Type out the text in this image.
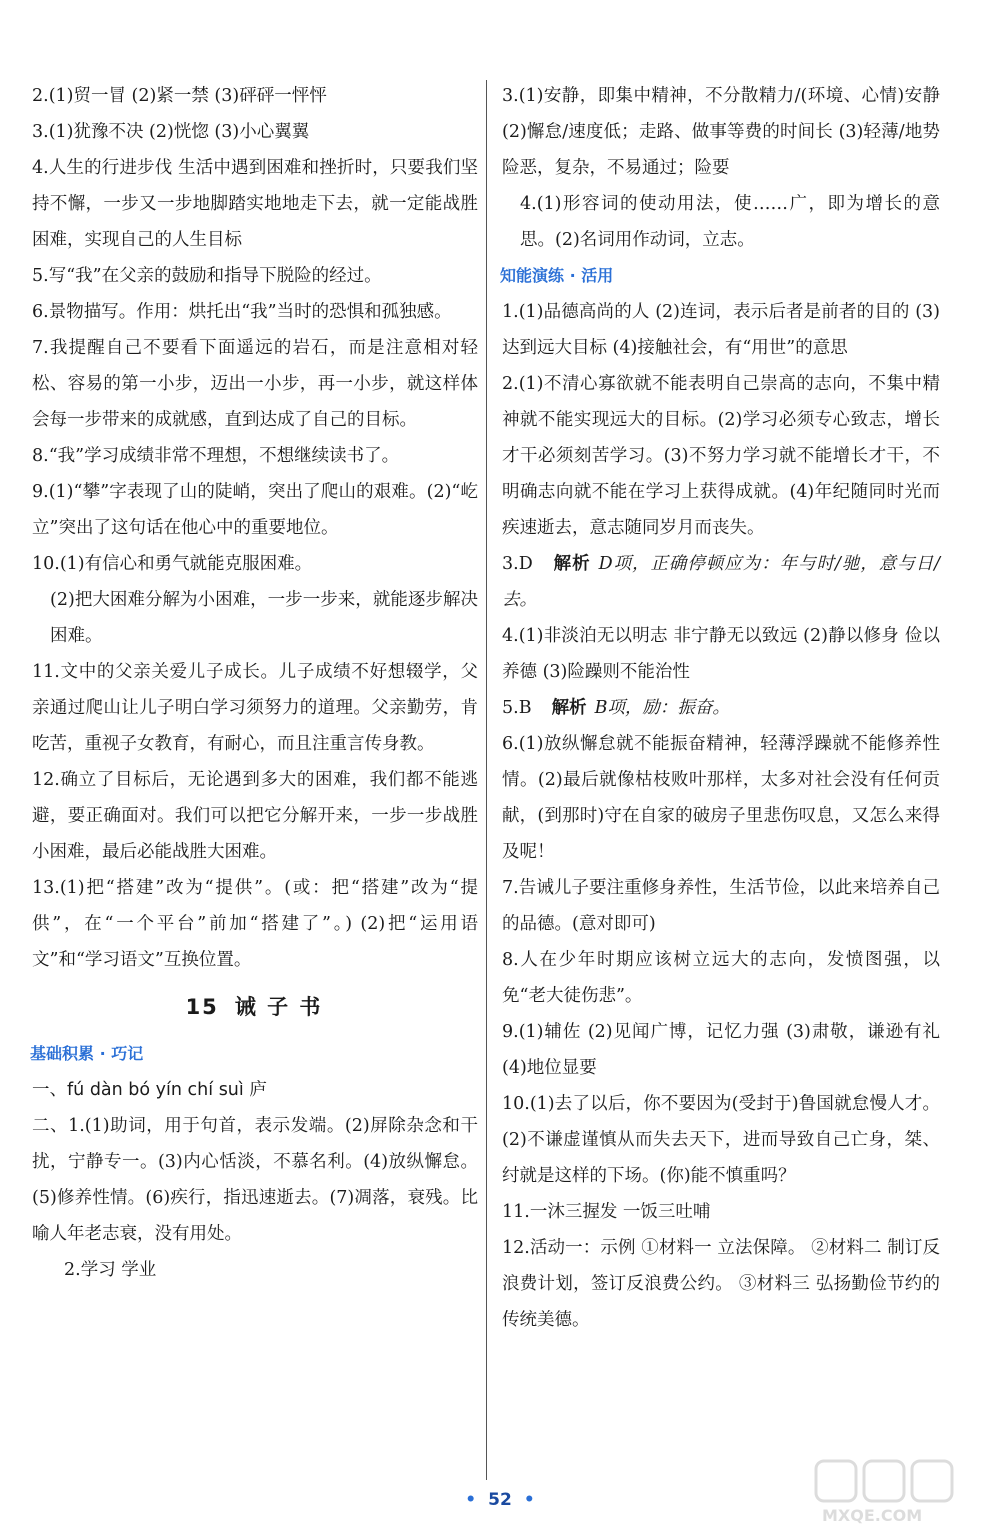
2.(1)贸一冒 (2)紧一禁 (3)砰砰一怦怦

3.(1)犹豫不决 (2)恍惚 (3)小心翼翼

4.人生的行进步伐 生活中遇到困难和挫折时，只要我们坚持不懈，一步又一步地脚踏实地地走下去，就一定能战胜困难，实现自己的人生目标

5.写“我”在父亲的鼓励和指导下脱险的经过。

6.景物描写。作用：烘托出“我”当时的恐惧和孤独感。

7.我提醒自己不要看下面遥远的岩石，而是注意相对轻松、容易的第一小步，迈出一小步，再一小步，就这样体会每一步带来的成就感，直到达成了自己的目标。

8.“我”学习成绩非常不理想，不想继续读书了。

9.(1)“攀”字表现了山的陡峭，突出了爬山的艰难。(2)“屹立”突出了这句话在他心中的重要地位。

10.(1)有信心和勇气就能克服困难。

(2)把大困难分解为小困难，一步一步来，就能逐步解决困难。

11.文中的父亲关爱儿子成长。儿子成绩不好想辍学，父亲通过爬山让儿子明白学习须努力的道理。父亲勤劳，肯吃苦，重视子女教育，有耐心，而且注重言传身教。

12.确立了目标后，无论遇到多大的困难，我们都不能逃避，要正确面对。我们可以把它分解开来，一步一步战胜小困难，最后必能战胜大困难。

13.(1)把“搭建”改为“提供”。(或：把“搭建”改为“提供”，在“一个平台”前加“搭建了”。) (2)把“运用语文”和“学习语文”互换位置。

15 诫 子 书

基础积累 · 巧记

一、fú dàn bó yín chí suì 庐

二、1.(1)助词，用于句首，表示发端。(2)屏除杂念和干扰，宁静专一。(3)内心恬淡，不慕名利。(4)放纵懈怠。(5)修养性情。(6)疾行，指迅速逝去。(7)凋落，衰残。比喻人年老志衰，没有用处。

2.学习 学业

3.(1)安静，即集中精神，不分散精力/(环境、心情)安静 (2)懈怠/速度低；走路、做事等费的时间长 (3)轻薄/地势险恶，复杂，不易通过；险要

4.(1)形容词的使动用法，使……广，即为增长的意思。(2)名词用作动词，立志。

知能演练 · 活用

1.(1)品德高尚的人 (2)连词，表示后者是前者的目的 (3)达到远大目标 (4)接触社会，有“用世”的意思

2.(1)不清心寡欲就不能表明自己崇高的志向，不集中精神就不能实现远大的目标。(2)学习必须专心致志，增长才干必须刻苦学习。(3)不努力学习就不能增长才干，不明确志向就不能在学习上获得成就。(4)年纪随同时光而疾速逝去，意志随同岁月而丧失。

3.D 解析 D项，正确停顿应为：年与时/驰，意与日/去。

4.(1)非淡泊无以明志 非宁静无以致远 (2)静以修身 俭以养德 (3)险躁则不能治性

5.B 解析 B项，励：振奋。

6.(1)放纵懈怠就不能振奋精神，轻薄浮躁就不能修养性情。(2)最后就像枯枝败叶那样，太多对社会没有任何贡献，(到那时)守在自家的破房子里悲伤叹息，又怎么来得及呢！

7.告诫儿子要注重修身养性，生活节俭，以此来培养自己的品德。(意对即可)

8.人在少年时期应该树立远大的志向，发愤图强，以免“老大徒伤悲”。

9.(1)辅佐 (2)见闻广博，记忆力强 (3)肃敬，谦逊有礼 (4)地位显要

10.(1)去了以后，你不要因为(受封于)鲁国就怠慢人才。(2)不谦虚谨慎从而失去天下，进而导致自己亡身，桀、纣就是这样的下场。(你)能不慎重吗？

11.一沐三握发 一饭三吐哺

12.活动一：示例 ①材料一 立法保障。 ②材料二 制订反浪费计划，签订反浪费公约。 ③材料三 弘扬勤俭节约的传统美德。

• 52 •
MXQE.COM
